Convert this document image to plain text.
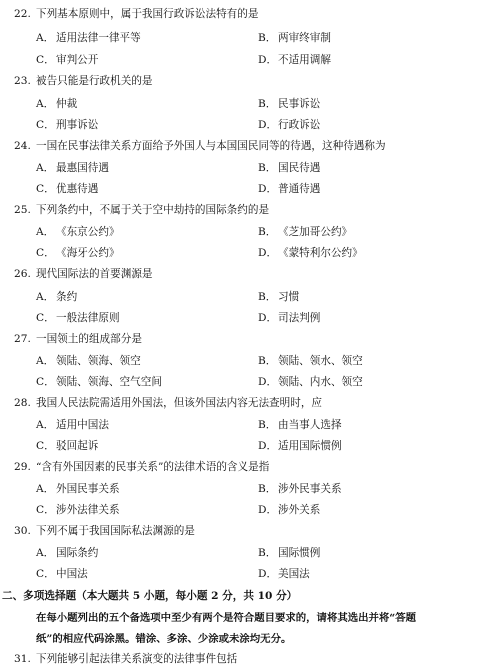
22. 下列基本原则中，属于我国行政诉讼法特有的是
A． 适用法律一律平等	B． 两审终审制
C．审判公开	D．不适用调解
23. 被告只能是行政机关的是
A． 仲裁	B． 民事诉讼
C．刑事诉讼	D．行政诉讼
24. 一国在民事法律关系方面给予外国人与本国国民同等的待遇，这种待遇称为
A． 最惠国待遇	B． 国民待遇
C．优惠待遇	D．普通待遇
25. 下列条约中，不属于关于空中劫持的国际条约的是
A． 《东京公约》	B． 《芝加哥公约》
C．《海牙公约》	D．《蒙特利尔公约》
26. 现代国际法的首要渊源是
A． 条约	B． 习惯
C．一般法律原则	D．司法判例
27. 一国领土的组成部分是
A． 领陆、领海、领空	B． 领陆、领水、领空
C．领陆、领海、空气空间	D．领陆、内水、领空
28. 我国人民法院需适用外国法，但该外国法内容无法查明时，应
A． 适用中国法	B． 由当事人选择
C．驳回起诉	D．适用国际惯例
29. “含有外国因素的民事关系”的法律术语的含义是指
A． 外国民事关系	B． 涉外民事关系
C．涉外法律关系	D．涉外关系
30. 下列不属于我国国际私法渊源的是
A． 国际条约	B． 国际惯例
C．中国法	D．美国法
二、多项选择题（本大题共 5 小题，每小题 2 分，共 10 分）
在每小题列出的五个备选项中至少有两个是符合题目要求的，请将其选出并将“答题
纸”的相应代码涂黑。错涂、多涂、少涂或未涂均无分。
31. 下列能够引起法律关系演变的法律事件包括
